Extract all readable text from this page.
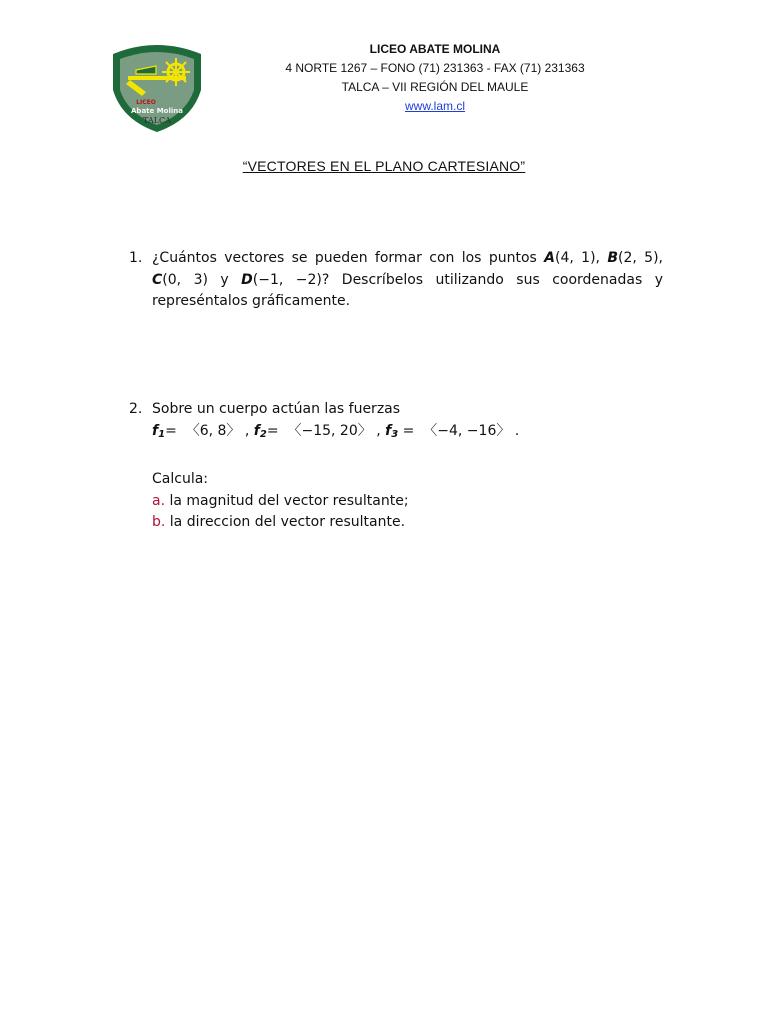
LICEO
Abate Molina
TALCA
LICEO ABATE MOLINA
4 NORTE 1267 – FONO (71) 231363 - FAX (71) 231363
TALCA – VII REGIÓN DEL MAULE
www.lam.cl
“VECTORES EN EL PLANO CARTESIANO”
1. ¿Cuántos vectores se pueden formar con los puntos A(4, 1), B(2, 5), C(0, 3) y D(−1, −2)? Descríbelos utilizando sus coordenadas y represéntalos gráficamente.
2. Sobre un cuerpo actúan las fuerzas
$f_1=$  〈6, 8〉 , $f_2=$  〈−15, 20〉 , $f_3$ =  〈−4, −16〉 .
Calcula:
a. la magnitud del vector resultante;
b. la direccion del vector resultante.
